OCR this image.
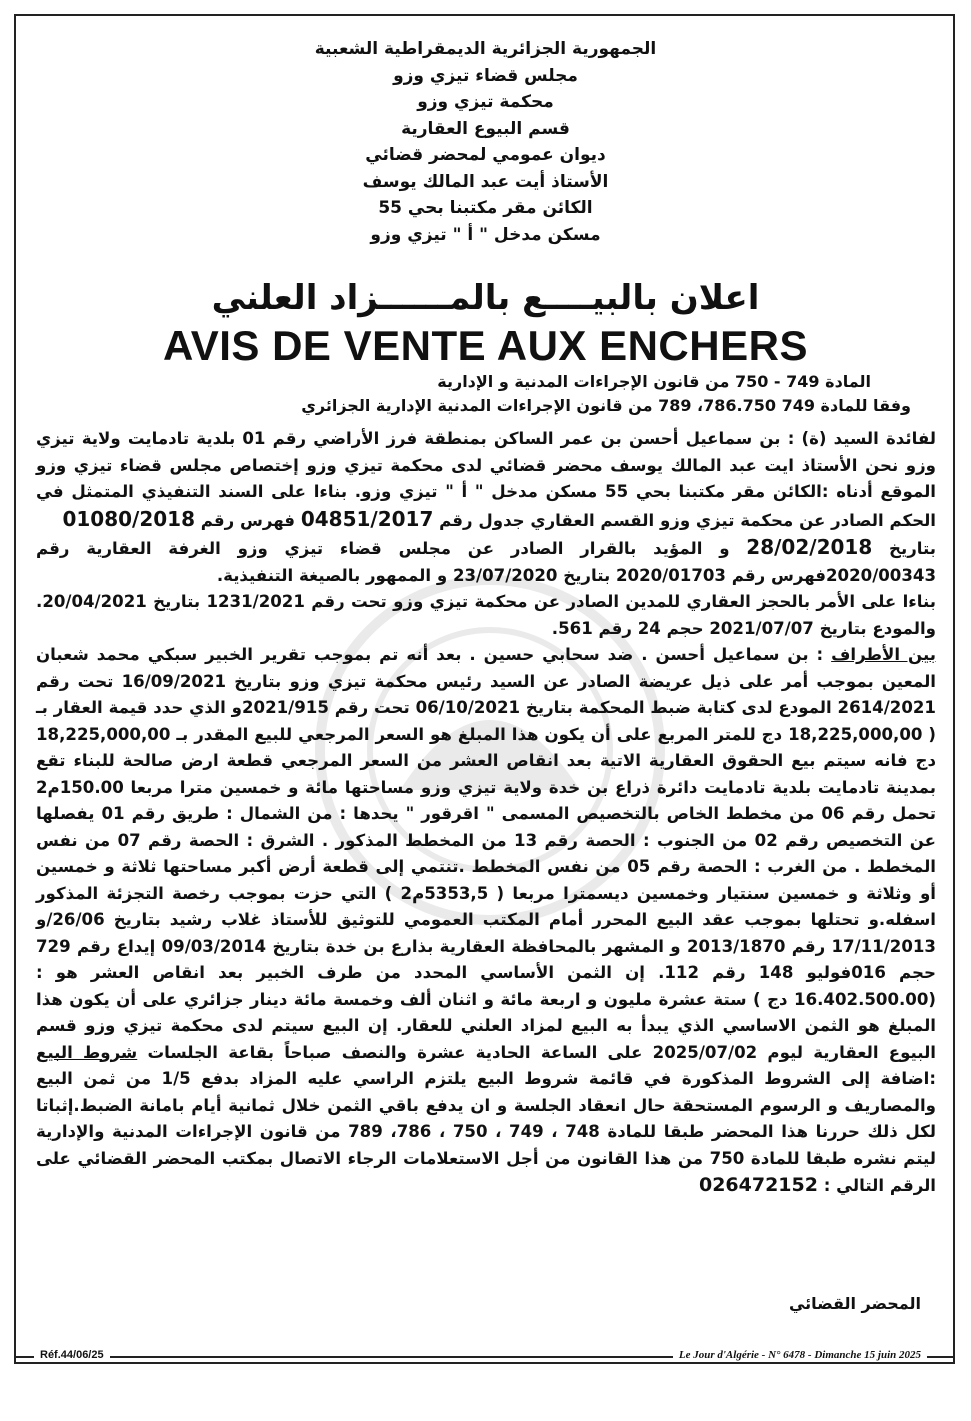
الجمهورية الجزائرية الديمقراطية الشعبية
مجلس قضاء تيزي وزو
محكمة تيزي وزو
قسم البيوع العقارية
ديوان عمومي لمحضر قضائي
الأستاذ أيت عبد المالك يوسف
الكائن مقر مكتبنا بحي 55
مسكن مدخل " أ " تيزي وزو
اعلان بالبيــــع بالمــــــزاد العلني
AVIS DE VENTE AUX ENCHERS
المادة 749 - 750 من قانون الإجراءات المدنية و الإدارية
وفقا للمادة 749 786.750، 789 من قانون الإجراءات المدنية الإدارية الجزائري

لفائدة السيد (ة) : بن سماعيل أحسن بن عمر الساكن بمنطقة فرز الأراضي رقم 01 بلدية تادمايت ولاية تيزي وزو نحن الأستاذ ايت عبد المالك يوسف محضر قضائي لدى محكمة تيزي وزو إختصاص مجلس قضاء تيزي وزو الموقع أدناه :الكائن مقر مكتبنا بحي 55 مسكن مدخل " أ " تيزي وزو. بناءا على السند التنفيذي المتمثل في الحكم الصادر عن محكمة تيزي وزو القسم العقاري جدول رقم 04851/2017 فهرس رقم 01080/2018

بتاريخ 28/02/2018 و المؤيد بالقرار الصادر عن مجلس قضاء تيزي وزو الغرفة العقارية رقم 2020/00343فهرس رقم 2020/01703 بتاريخ 23/07/2020 و الممهور بالصيغة التنفيذية.

بناءا على الأمر بالحجز العقاري للمدين الصادر عن محكمة تيزي وزو تحت رقم 1231/2021 بتاريخ 20/04/2021. والمودع بتاريخ 2021/07/07 حجم 24 رقم 561.

بين الأطراف : بن سماعيل أحسن . ضد سحابي حسين . بعد أنه تم بموجب تقرير الخبير سبكي محمد شعبان المعين بموجب أمر على ذيل عريضة الصادر عن السيد رئيس محكمة تيزي وزو بتاريخ 16/09/2021 تحت رقم 2614/2021 المودع لدى كتابة ضبط المحكمة بتاريخ 06/10/2021 تحت رقم 2021/915و الذي حدد قيمة العقار بـ ( 18,225,000,00 دج للمتر المربع على أن يكون هذا المبلغ هو السعر المرجعي للبيع المقدر بـ 18,225,000,00 دج فانه سيتم بيع الحقوق العقارية الاتية بعد انقاص العشر من السعر المرجعي قطعة ارض صالحة للبناء تقع بمدينة تادمايت بلدية تادمايت دائرة ذراع بن خدة ولاية تيزي وزو مساحتها مائة و خمسين مترا مربعا 150.00م2 تحمل رقم 06 من مخطط الخاص بالتخصيص المسمى " اقرقور " يحدها : من الشمال : طريق رقم 01 يفصلها عن التخصيص رقم 02 من الجنوب : الحصة رقم 13 من المخطط المذكور . الشرق : الحصة رقم 07 من نفس المخطط . من الغرب : الحصة رقم 05 من نفس المخطط .تنتمي إلى قطعة أرض أكبر مساحتها ثلاثة و خمسين أو وثلاثة و خمسين سنتيار وخمسين ديسمترا مربعا ( 5353,5م2 ) التي حزت بموجب رخصة التجزئة المذكور اسفله.و تحتلها بموجب عقد البيع المحرر أمام المكتب العمومي للتوثيق للأستاذ غلاب رشيد بتاريخ 26/06/و 17/11/2013 رقم 2013/1870 و المشهر بالمحافظة العقارية بذارع بن خدة بتاريخ 09/03/2014 إيداع رقم 729 حجم 016فوليو 148 رقم 112. إن الثمن الأساسي المحدد من طرف الخبير بعد انقاص العشر هو : (16.402.500.00 دج ) ستة عشرة مليون و اربعة مائة و اثنان ألف وخمسة مائة دينار جزائري على أن يكون هذا المبلغ هو الثمن الاساسي الذي يبدأ به البيع لمزاد العلني للعقار. إن البيع سيتم لدى محكمة تيزي وزو قسم البيوع العقارية ليوم 2025/07/02 على الساعة الحادية عشرة والنصف صباحاً بقاعة الجلسات شروط البيع :اضافة إلى الشروط المذكورة في قائمة شروط البيع يلتزم الراسي عليه المزاد بدفع 1/5 من ثمن البيع والمصاريف و الرسوم المستحقة حال انعقاد الجلسة و ان يدفع باقي الثمن خلال ثمانية أيام بامانة الضبط.إثباتا لكل ذلك حررنا هذا المحضر طبقا للمادة 748 ، 749 ، 750 ، 786، 789 من قانون الإجراءات المدنية والإدارية ليتم نشره طبقا للمادة 750 من هذا القانون من أجل الاستعلامات الرجاء الاتصال بمكتب المحضر القضائي على الرقم التالي : 026472152

المحضر القضائي
Réf.44/06/25	Le Jour d'Algérie - N° 6478 - Dimanche 15 juin 2025
